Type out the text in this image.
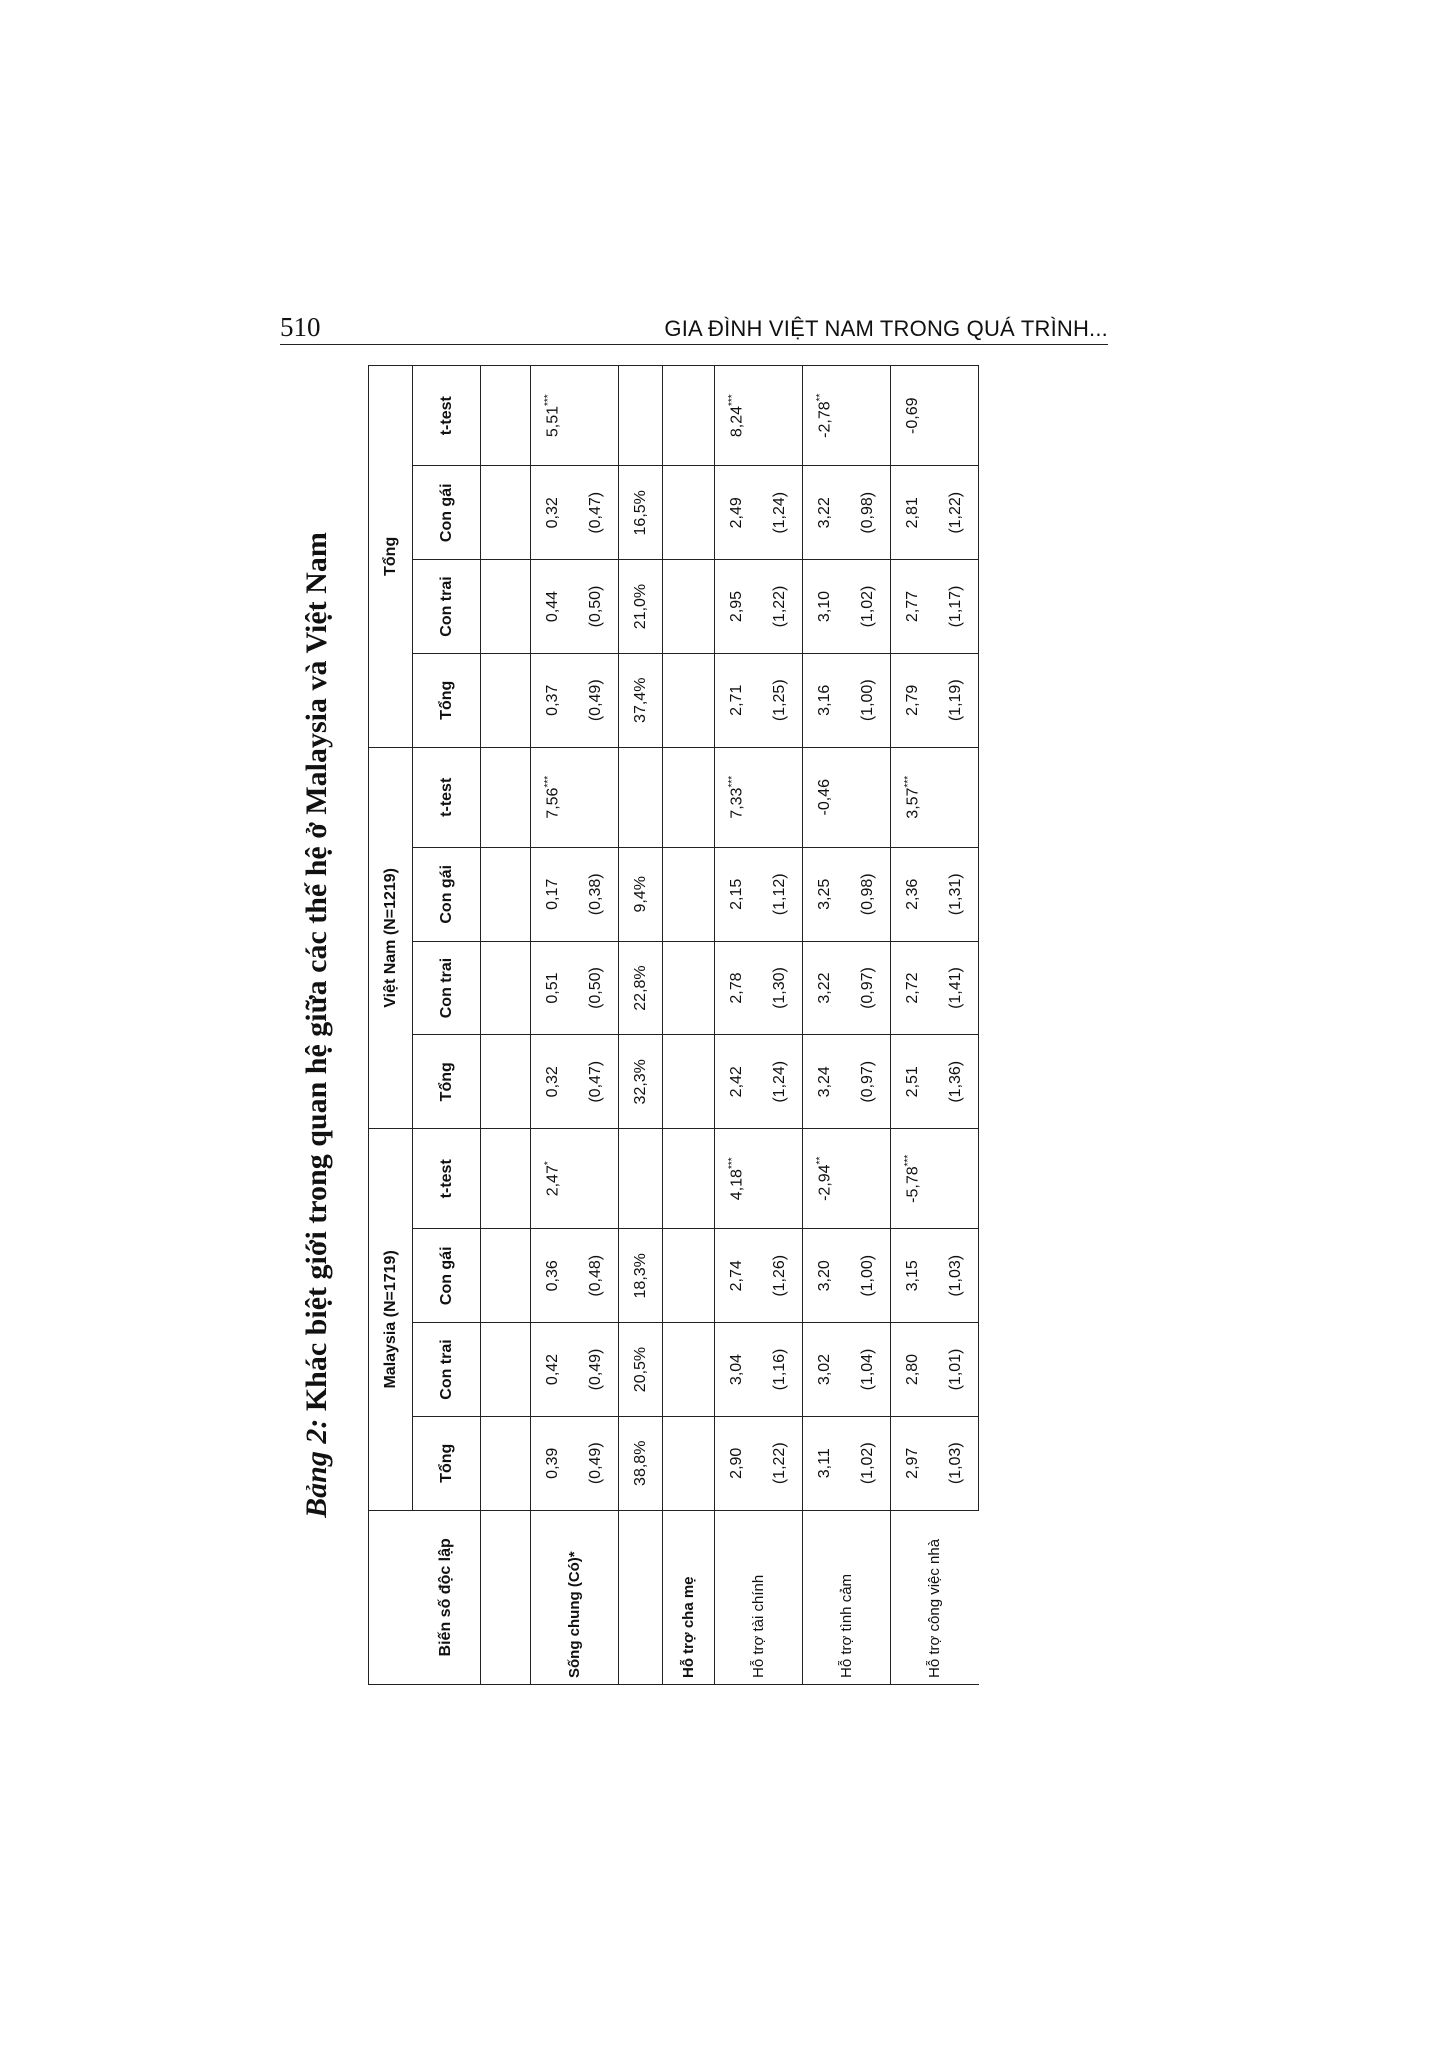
510	GIA ĐÌNH VIỆT NAM TRONG QUÁ TRÌNH...
Bảng 2: Khác biệt giới trong quan hệ giữa các thế hệ ở Malaysia và Việt Nam
		Malaysia (N=1719)				Việt Nam (N=1219)				Tổng			
Biến số độc lập	Tổng	Con trai	Con gái	t-test	Tổng	Con trai	Con gái	t-test	Tổng	Con trai	Con gái	t-test

Sống chung (Có)*	0,39	0,42	0,36	2,47*	0,32	0,51	0,17	7,56***	0,37	0,44	0,32	5,51***
	(0,49)	(0,49)	(0,48)		(0,47)	(0,50)	(0,38)		(0,49)	(0,50)	(0,47)	
	38,8%	20,5%	18,3%		32,3%	22,8%	9,4%		37,4%	21,0%	16,5%	
Hỗ trợ cha mẹ												
Hỗ trợ tài chính	2,90	3,04	2,74	4,18***	2,42	2,78	2,15	7,33***	2,71	2,95	2,49	8,24***
	(1,22)	(1,16)	(1,26)		(1,24)	(1,30)	(1,12)		(1,25)	(1,22)	(1,24)	
Hỗ trợ tình cảm	3,11	3,02	3,20	-2,94**	3,24	3,22	3,25	-0,46	3,16	3,10	3,22	-2,78**
	(1,02)	(1,04)	(1,00)		(0,97)	(0,97)	(0,98)		(1,00)	(1,02)	(0,98)	
Hỗ trợ công việc nhà	2,97	2,80	3,15	-5,78***	2,51	2,72	2,36	3,57***	2,79	2,77	2,81	-0,69
	(1,03)	(1,01)	(1,03)		(1,36)	(1,41)	(1,31)		(1,19)	(1,17)	(1,22)	
